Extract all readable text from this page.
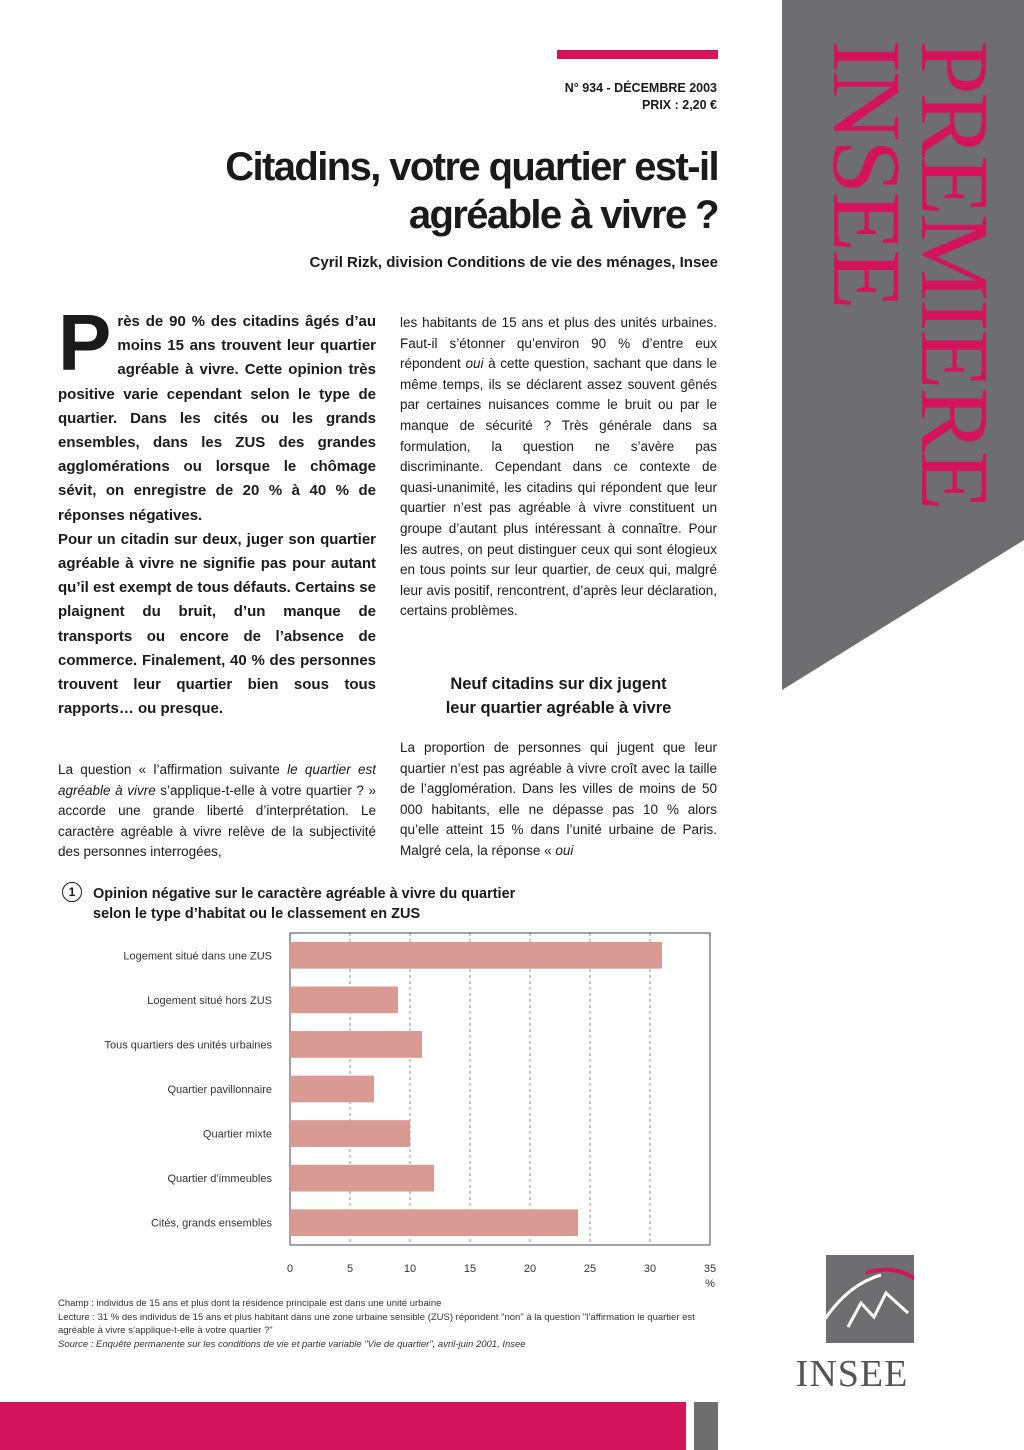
INSEE
PREMIERE
N° 934 - DÉCEMBRE 2003
PRIX : 2,20 €
Citadins, votre quartier est-il
agréable à vivre ?
Cyril Rizk, division Conditions de vie des ménages, Insee

Près de 90 % des citadins âgés d’au moins 15 ans trouvent leur quartier agréable à vivre. Cette opinion très positive varie cependant selon le type de quartier. Dans les cités ou les grands ensembles, dans les ZUS des grandes agglomérations ou lorsque le chômage sévit, on enregistre de 20 % à 40 % de réponses négatives.

Pour un citadin sur deux, juger son quartier agréable à vivre ne signifie pas pour autant qu’il est exempt de tous défauts. Certains se plaignent du bruit, d’un manque de transports ou encore de l’absence de commerce. Finalement, 40 % des personnes trouvent leur quartier bien sous tous rapports… ou presque.

La question « l’affirmation suivante le quartier est agréable à vivre s’applique-t-elle à votre quartier ? » accorde une grande liberté d’interprétation. Le caractère agréable à vivre relève de la subjectivité des personnes interrogées,

les habitants de 15 ans et plus des unités urbaines. Faut-il s’étonner qu’environ 90 % d’entre eux répondent oui à cette question, sachant que dans le même temps, ils se déclarent assez souvent gênés par certaines nuisances comme le bruit ou par le manque de sécurité ? Très générale dans sa formulation, la question ne s’avère pas discriminante. Cependant dans ce contexte de quasi-unanimité, les citadins qui répondent que leur quartier n’est pas agréable à vivre constituent un groupe d’autant plus intéressant à connaître. Pour les autres, on peut distinguer ceux qui sont élogieux en tous points sur leur quartier, de ceux qui, malgré leur avis positif, rencontrent, d’après leur déclaration, certains problèmes.

Neuf citadins sur dix jugent
leur quartier agréable à vivre

La proportion de personnes qui jugent que leur quartier n’est pas agréable à vivre croît avec la taille de l’agglomération. Dans les villes de moins de 50 000 habitants, elle ne dépasse pas 10 % alors qu’elle atteint 15 % dans l’unité urbaine de Paris. Malgré cela, la réponse « oui

1	Opinion négative sur le caractère agréable à vivre du quartier
selon le type d’habitat ou le classement en ZUS
0	5	10	15	20	25	30	35
%
Logement situé dans une ZUS
Logement situé hors ZUS
Tous quartiers des unités urbaines
Quartier pavillonnaire
Quartier mixte
Quartier d’immeubles
Cités, grands ensembles

Champ : individus de 15 ans et plus dont la résidence principale est dans une unité urbaine

Lecture : 31 % des individus de 15 ans et plus habitant dans une zone urbaine sensible (ZUS) répondent "non" à la question "l’affirmation le quartier est agréable à vivre s’applique-t-elle à votre quartier ?"

Source : Enquête permanente sur les conditions de vie et partie variable "Vie de quartier", avril-juin 2001, Insee

INSEE
